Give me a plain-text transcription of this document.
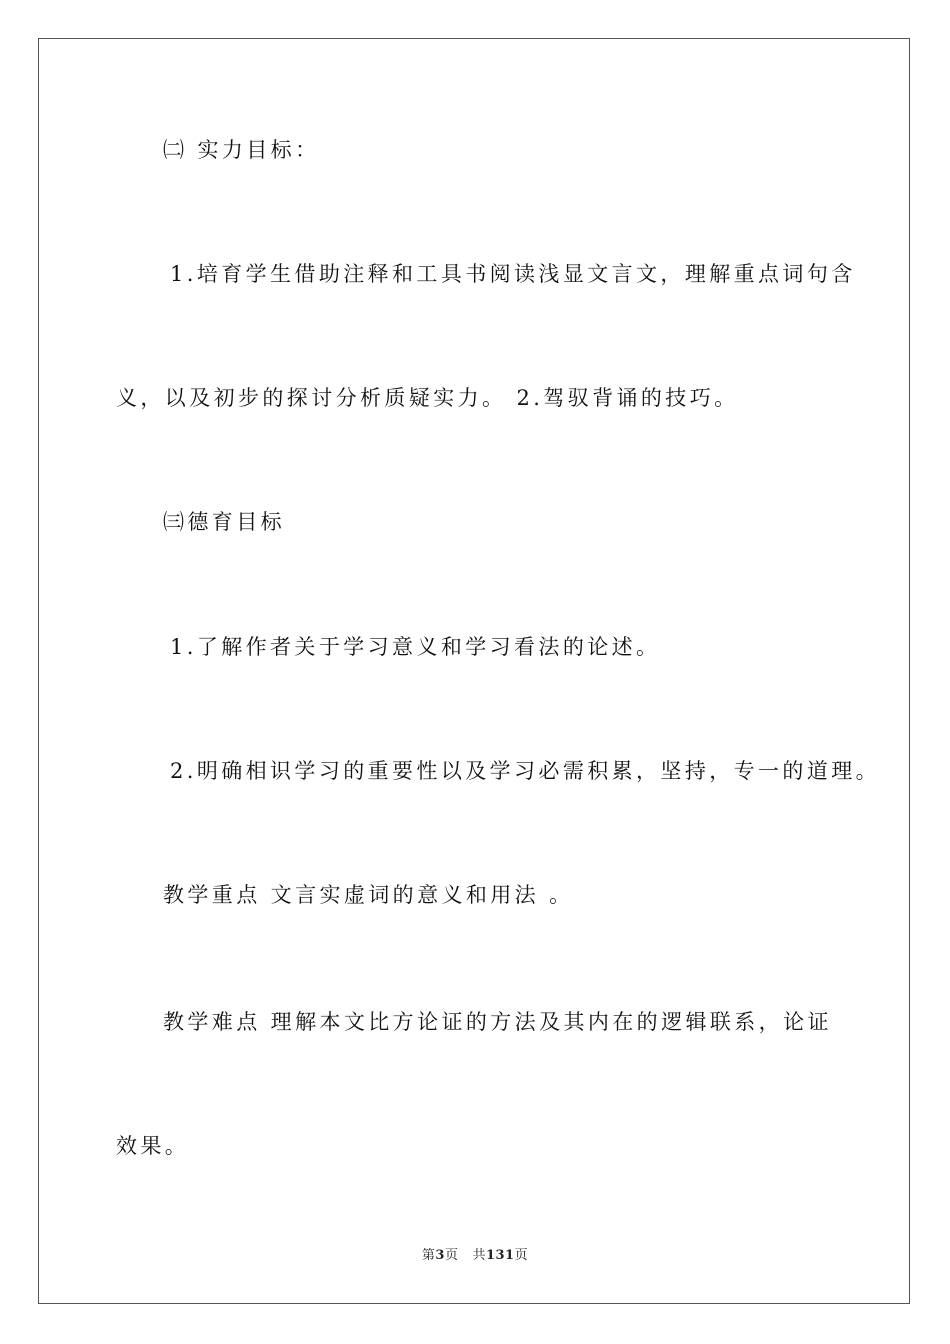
㈡ 实力目标：
1.培育学生借助注释和工具书阅读浅显文言文，理解重点词句含
义，以及初步的探讨分析质疑实力。 2.驾驭背诵的技巧。
㈢德育目标
1.了解作者关于学习意义和学习看法的论述。
2.明确相识学习的重要性以及学习必需积累，坚持，专一的道理。
教学重点 文言实虚词的意义和用法 。
教学难点 理解本文比方论证的方法及其内在的逻辑联系，论证
效果。
第3页 共131页
